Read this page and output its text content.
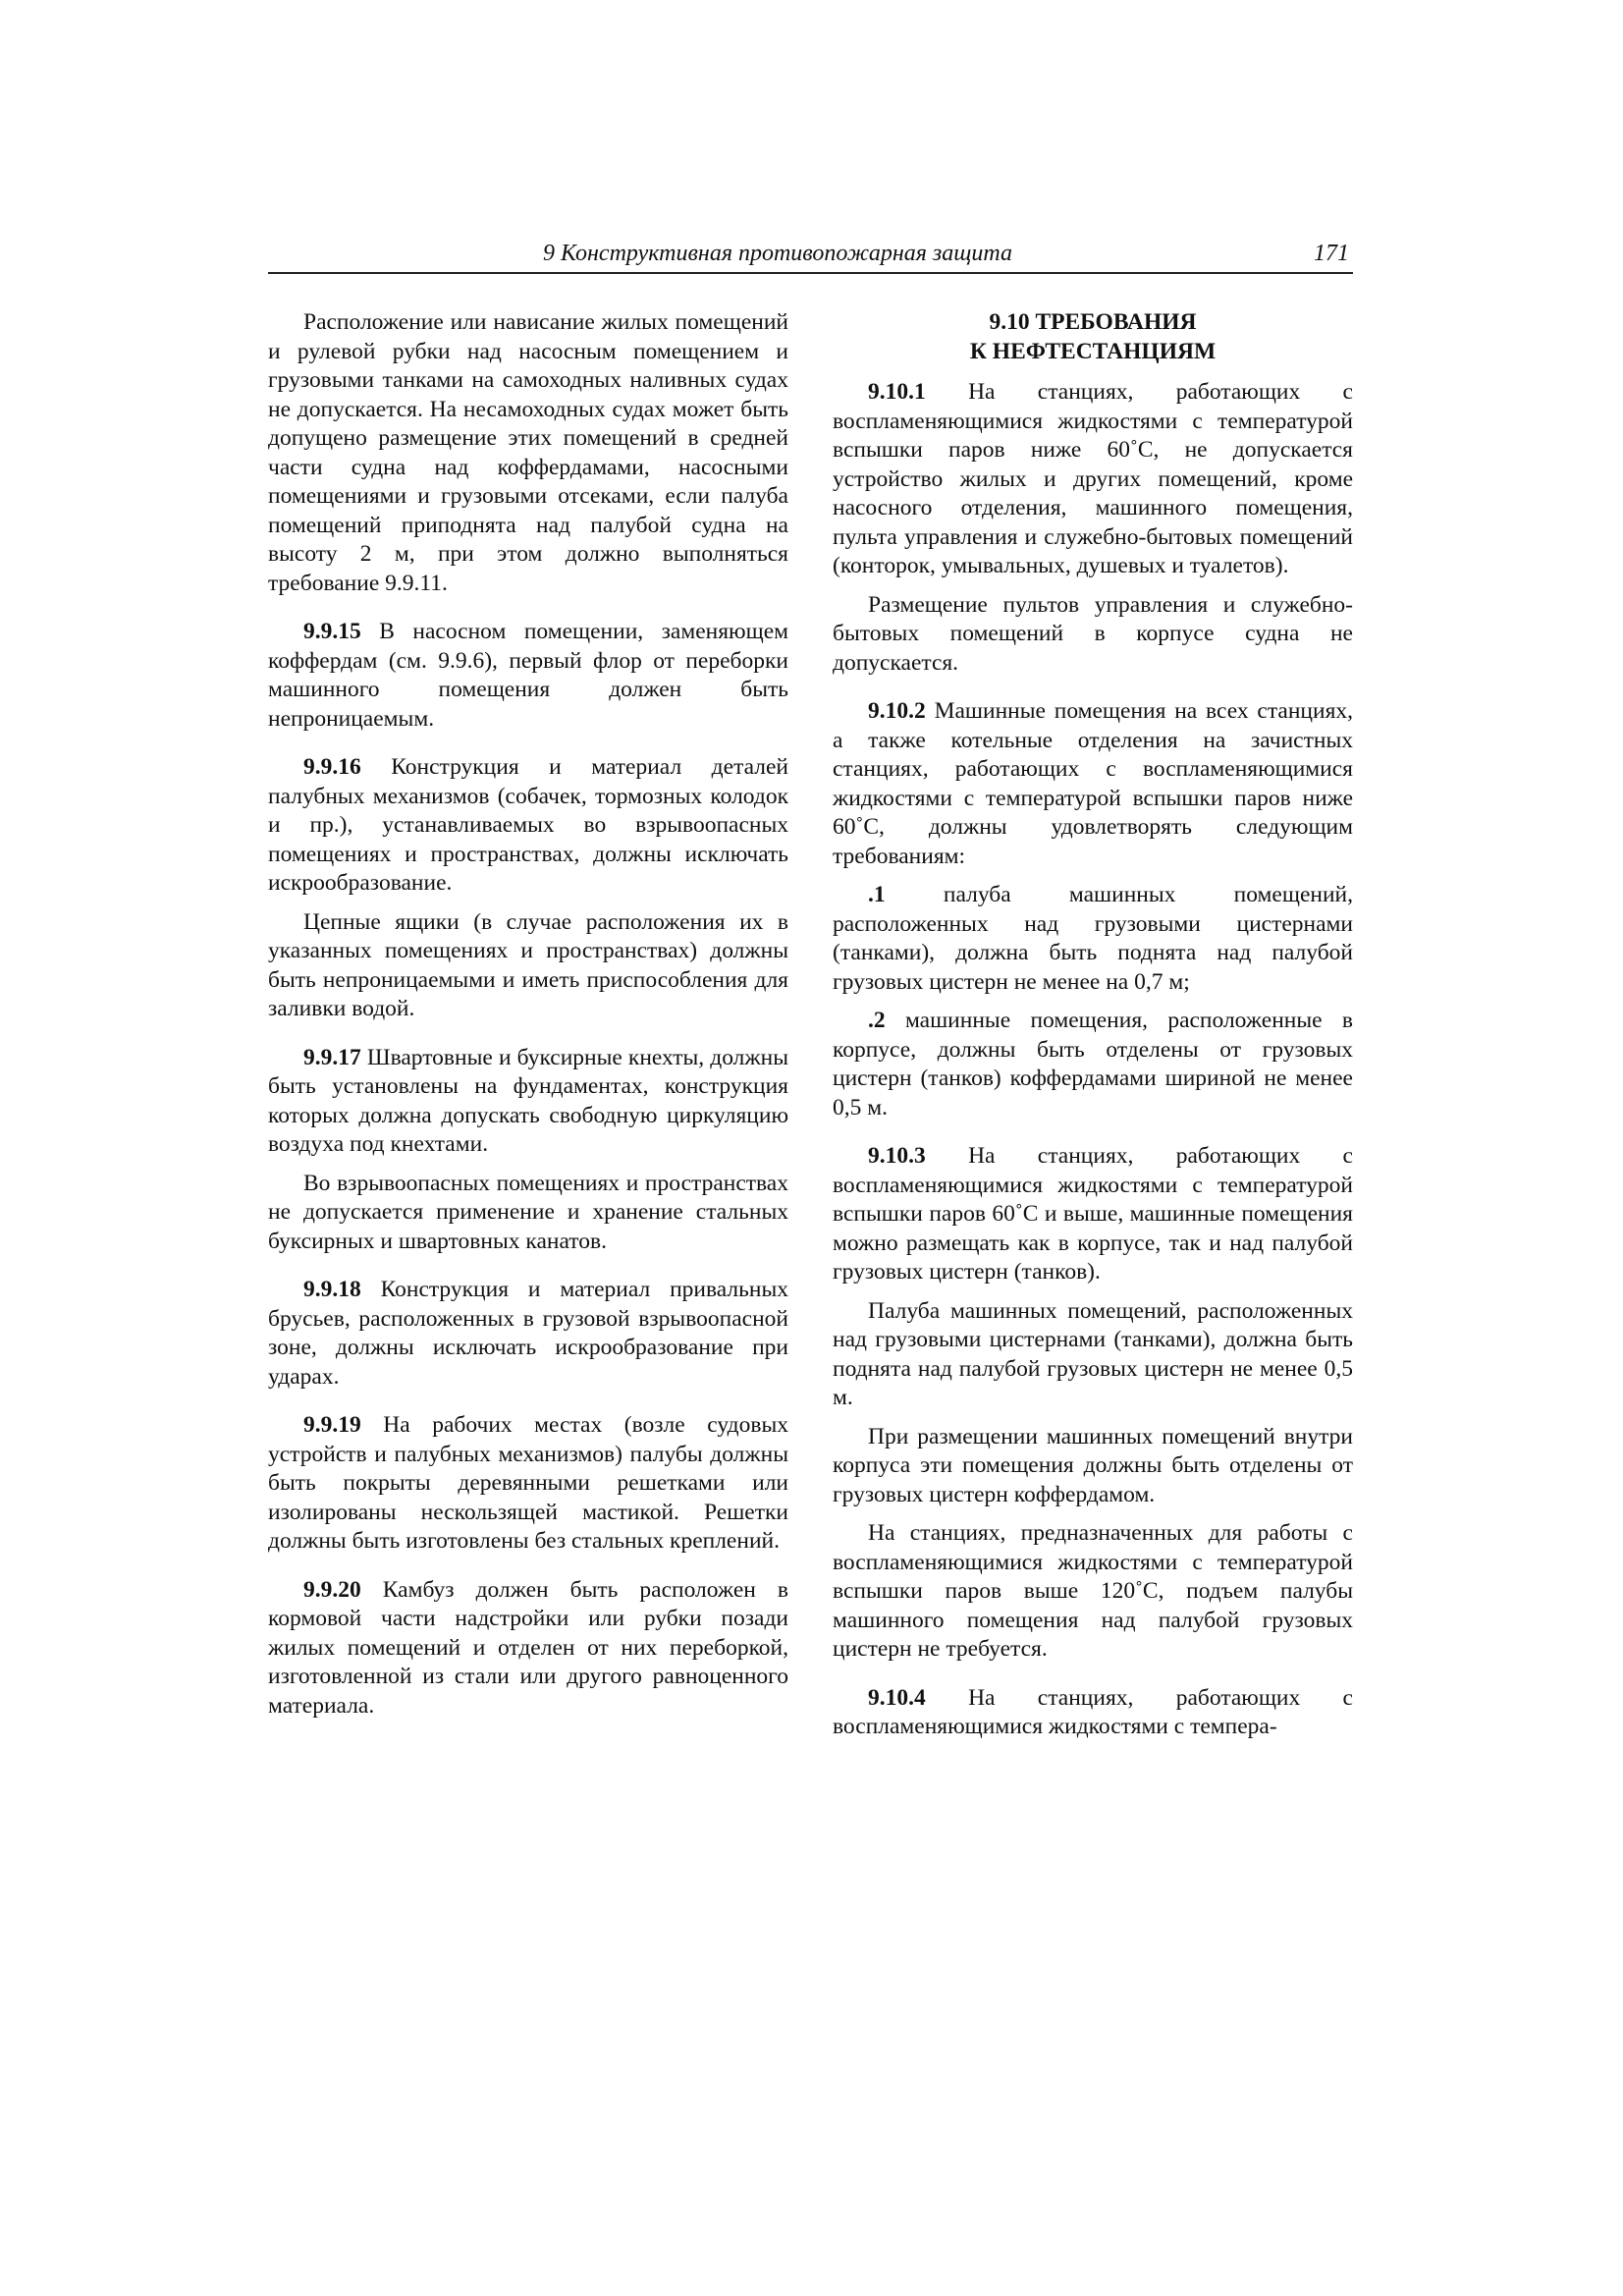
9 Конструктивная противопожарная защита	171

Расположение или нависание жилых помещений и рулевой рубки над насосным помещением и грузовыми танками на самоходных наливных судах не допускается. На несамоходных судах может быть допущено размещение этих помещений в средней части судна над коффердамами, насосными помещениями и грузовыми отсеками, если палуба помещений приподнята над палубой судна на высоту 2 м, при этом должно выполняться требование 9.9.11.

9.9.15 В насосном помещении, заменяющем коффердам (см. 9.9.6), первый флор от переборки машинного помещения должен быть непроницаемым.

9.9.16 Конструкция и материал деталей палубных механизмов (собачек, тормозных колодок и пр.), устанавливаемых во взрывоопасных помещениях и пространствах, должны исключать искрообразование.

Цепные ящики (в случае расположения их в указанных помещениях и пространствах) должны быть непроницаемыми и иметь приспособления для заливки водой.

9.9.17 Швартовные и буксирные кнехты, должны быть установлены на фундаментах, конструкция которых должна допускать свободную циркуляцию воздуха под кнехтами.

Во взрывоопасных помещениях и пространствах не допускается применение и хранение стальных буксирных и швартовных канатов.

9.9.18 Конструкция и материал привальных брусьев, расположенных в грузовой взрывоопасной зоне, должны исключать искрообразование при ударах.

9.9.19 На рабочих местах (возле судовых устройств и палубных механизмов) палубы должны быть покрыты деревянными решетками или изолированы нескользящей мастикой. Решетки должны быть изготовлены без стальных креплений.

9.9.20 Камбуз должен быть расположен в кормовой части надстройки или рубки позади жилых помещений и отделен от них переборкой, изготовленной из стали или другого равноценного материала.

9.10 ТРЕБОВАНИЯ
К НЕФТЕСТАНЦИЯМ

9.10.1 На станциях, работающих с воспламеняющимися жидкостями с температурой вспышки паров ниже 60˚С, не допускается устройство жилых и других помещений, кроме насосного отделения, машинного помещения, пульта управления и служебно-бытовых помещений (конторок, умывальных, душевых и туалетов).

Размещение пультов управления и служебно-бытовых помещений в корпусе судна не допускается.

9.10.2 Машинные помещения на всех станциях, а также котельные отделения на зачистных станциях, работающих с воспламеняющимися жидкостями с температурой вспышки паров ниже 60˚С, должны удовлетворять следующим требованиям:

.1 палуба машинных помещений, расположенных над грузовыми цистернами (танками), должна быть поднята над палубой грузовых цистерн не менее на 0,7 м;

.2 машинные помещения, расположенные в корпусе, должны быть отделены от грузовых цистерн (танков) коффердамами шириной не менее 0,5 м.

9.10.3 На станциях, работающих с воспламеняющимися жидкостями с температурой вспышки паров 60˚С и выше, машинные помещения можно размещать как в корпусе, так и над палубой грузовых цистерн (танков).

Палуба машинных помещений, расположенных над грузовыми цистернами (танками), должна быть поднята над палубой грузовых цистерн не менее 0,5 м.

При размещении машинных помещений внутри корпуса эти помещения должны быть отделены от грузовых цистерн коффердамом.

На станциях, предназначенных для работы с воспламеняющимися жидкостями с температурой вспышки паров выше 120˚С, подъем палубы машинного помещения над палубой грузовых цистерн не требуется.

9.10.4 На станциях, работающих с воспламеняющимися жидкостями с темпера-
